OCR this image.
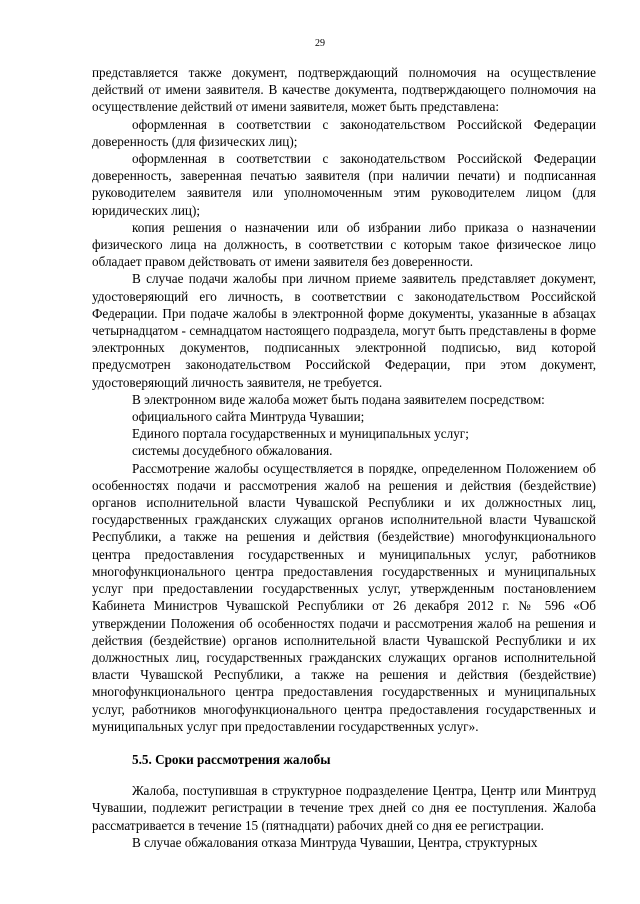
29

представляется также документ, подтверждающий полномочия на осуществление действий от имени заявителя. В качестве документа, подтверждающего полномочия на осуществление действий от имени заявителя, может быть представлена:

оформленная в соответствии с законодательством Российской Федерации доверенность (для физических лиц);

оформленная в соответствии с законодательством Российской Федерации доверенность, заверенная печатью заявителя (при наличии печати) и подписанная руководителем заявителя или уполномоченным этим руководителем лицом (для юридических лиц);

копия решения о назначении или об избрании либо приказа о назначении физического лица на должность, в соответствии с которым такое физическое лицо обладает правом действовать от имени заявителя без доверенности.

В случае подачи жалобы при личном приеме заявитель представляет документ, удостоверяющий его личность, в соответствии с законодательством Российской Федерации. При подаче жалобы в электронной форме документы, указанные в абзацах четырнадцатом - семнадцатом настоящего подраздела, могут быть представлены в форме электронных документов, подписанных электронной подписью, вид которой предусмотрен законодательством Российской Федерации, при этом документ, удостоверяющий личность заявителя, не требуется.

В электронном виде жалоба может быть подана заявителем посредством:

официального сайта Минтруда Чувашии;

Единого портала государственных и муниципальных услуг;

системы досудебного обжалования.

Рассмотрение жалобы осуществляется в порядке, определенном Положением об особенностях подачи и рассмотрения жалоб на решения и действия (бездействие) органов исполнительной власти Чувашской Республики и их должностных лиц, государственных гражданских служащих органов исполнительной власти Чувашской Республики, а также на решения и действия (бездействие) многофункционального центра предоставления государственных и муниципальных услуг, работников многофункционального центра предоставления государственных и муниципальных услуг при предоставлении государственных услуг, утвержденным постановлением Кабинета Министров Чувашской Республики от 26 декабря 2012 г. № 596 «Об утверждении Положения об особенностях подачи и рассмотрения жалоб на решения и действия (бездействие) органов исполнительной власти Чувашской Республики и их должностных лиц, государственных гражданских служащих органов исполнительной власти Чувашской Республики, а также на решения и действия (бездействие) многофункционального центра предоставления государственных и муниципальных услуг, работников многофункционального центра предоставления государственных и муниципальных услуг при предоставлении государственных услуг».

5.5. Сроки рассмотрения жалобы

Жалоба, поступившая в структурное подразделение Центра, Центр или Минтруд Чувашии, подлежит регистрации в течение трех дней со дня ее поступления. Жалоба рассматривается в течение 15 (пятнадцати) рабочих дней со дня ее регистрации.

В случае обжалования отказа Минтруда Чувашии, Центра, структурных
